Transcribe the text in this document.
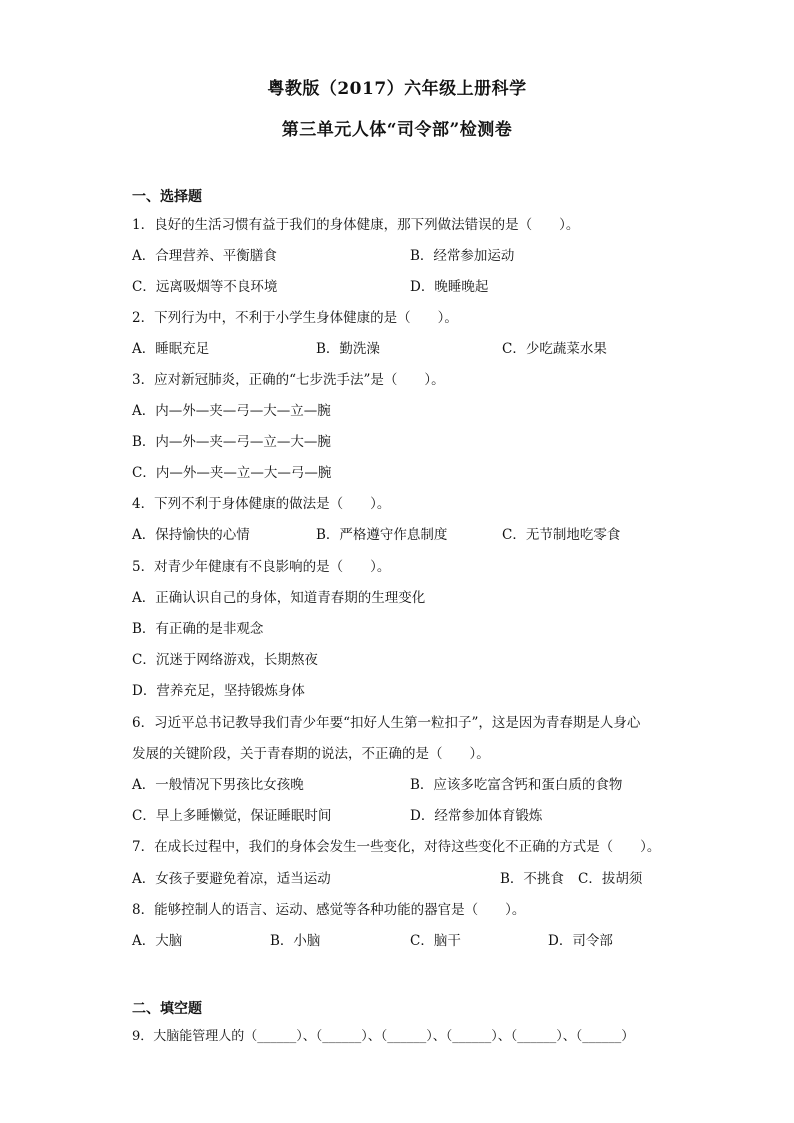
粤教版（2017）六年级上册科学
第三单元人体“司令部”检测卷
一、选择题
1．良好的生活习惯有益于我们的身体健康，那下列做法错误的是（　　）。
A．合理营养、平衡膳食	B．经常参加运动
C．远离吸烟等不良环境	D．晚睡晚起
2．下列行为中，不利于小学生身体健康的是（　　）。
A．睡眠充足	B．勤洗澡	C．少吃蔬菜水果
3．应对新冠肺炎，正确的“七步洗手法”是（　　）。
A．内—外—夹—弓—大—立—腕
B．内—外—夹—弓—立—大—腕
C．内—外—夹—立—大—弓—腕
4．下列不利于身体健康的做法是（　　）。
A．保持愉快的心情	B．严格遵守作息制度	C．无节制地吃零食
5．对青少年健康有不良影响的是（　　）。
A．正确认识自己的身体，知道青春期的生理变化
B．有正确的是非观念
C．沉迷于网络游戏，长期熬夜
D．营养充足，坚持锻炼身体
6．习近平总书记教导我们青少年要“扣好人生第一粒扣子”，这是因为青春期是人身心
发展的关键阶段，关于青春期的说法，不正确的是（　　）。
A．一般情况下男孩比女孩晚	B．应该多吃富含钙和蛋白质的食物
C．早上多睡懒觉，保证睡眠时间	D．经常参加体育锻炼
7．在成长过程中，我们的身体会发生一些变化，对待这些变化不正确的方式是（　　）。
A．女孩子要避免着凉，适当运动	B．不挑食 C．拔胡须
8．能够控制人的语言、运动、感觉等各种功能的器官是（　　）。
A．大脑	B．小脑	C．脑干	D．司令部
二、填空题
9．大脑能管理人的（______）、（______）、（______）、（______）、（______）、（______）
